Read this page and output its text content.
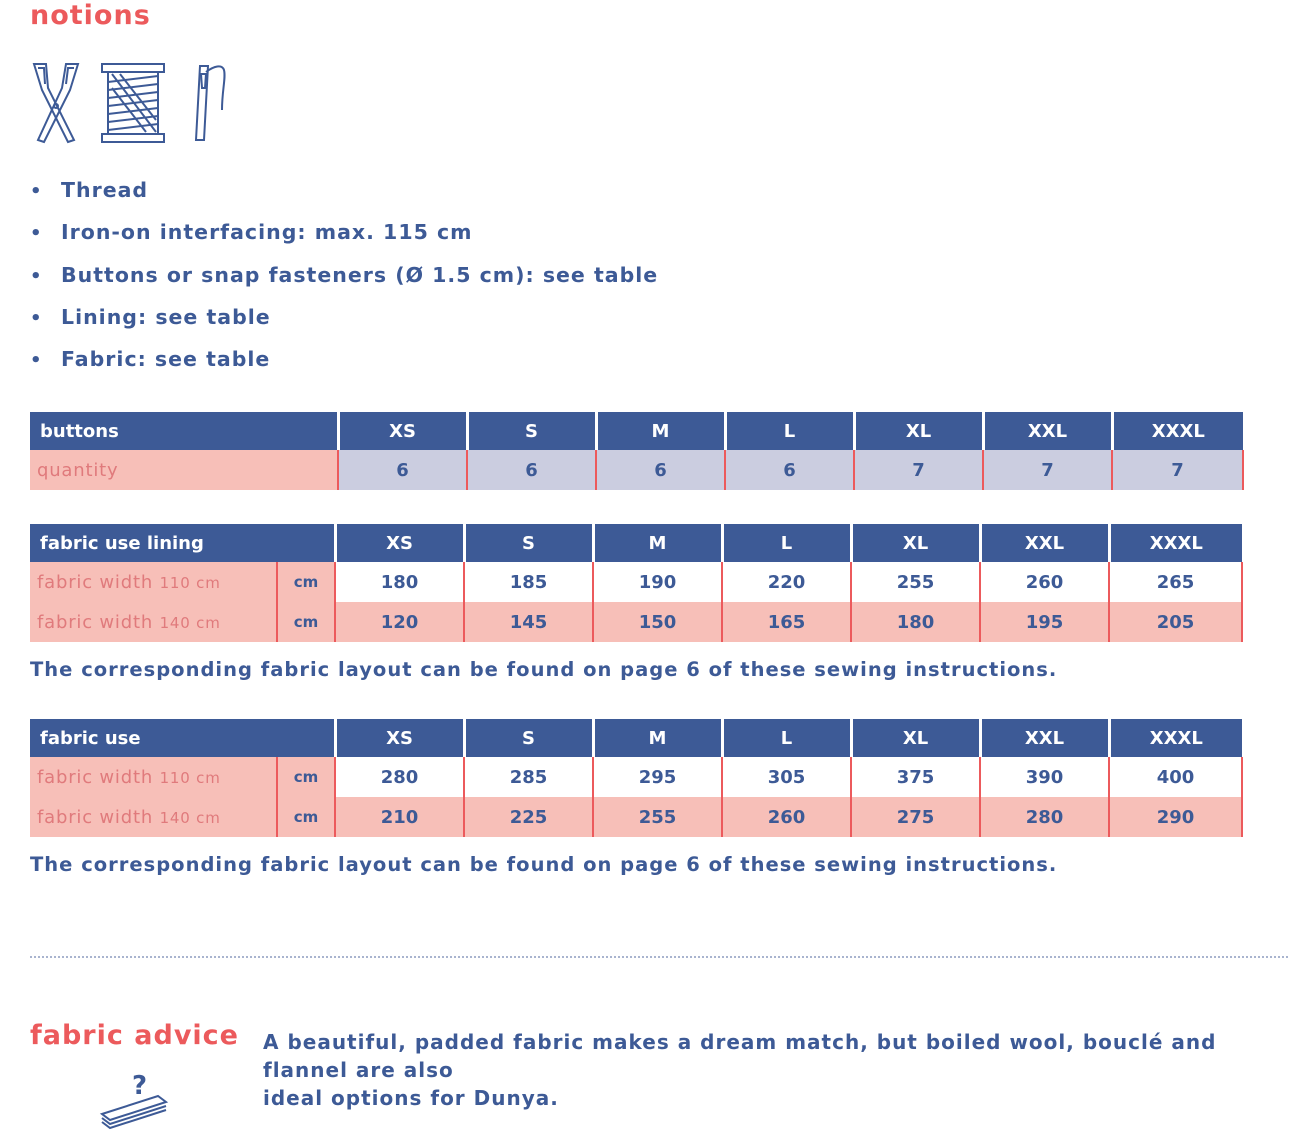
notions
• Thread
• Iron-on interfacing: max. 115 cm
• Buttons or snap fasteners (Ø 1.5 cm): see table
• Lining: see table
• Fabric: see table
buttons	XS	S	M	L	XL	XXL	XXXL
quantity	6	6	6	6	7	7	7
fabric use lining		XS	S	M	L	XL	XXL	XXXL
fabric width 110 cm	cm	180	185	190	220	255	260	265
fabric width 140 cm	cm	120	145	150	165	180	195	205
The corresponding fabric layout can be found on page 6 of these sewing instructions.
fabric use		XS	S	M	L	XL	XXL	XXXL
fabric width 110 cm	cm	280	285	295	305	375	390	400
fabric width 140 cm	cm	210	225	255	260	275	280	290
The corresponding fabric layout can be found on page 6 of these sewing instructions.
fabric advice
?
A beautiful, padded fabric makes a dream match, but boiled wool, bouclé and flannel are also
ideal options for Dunya.
